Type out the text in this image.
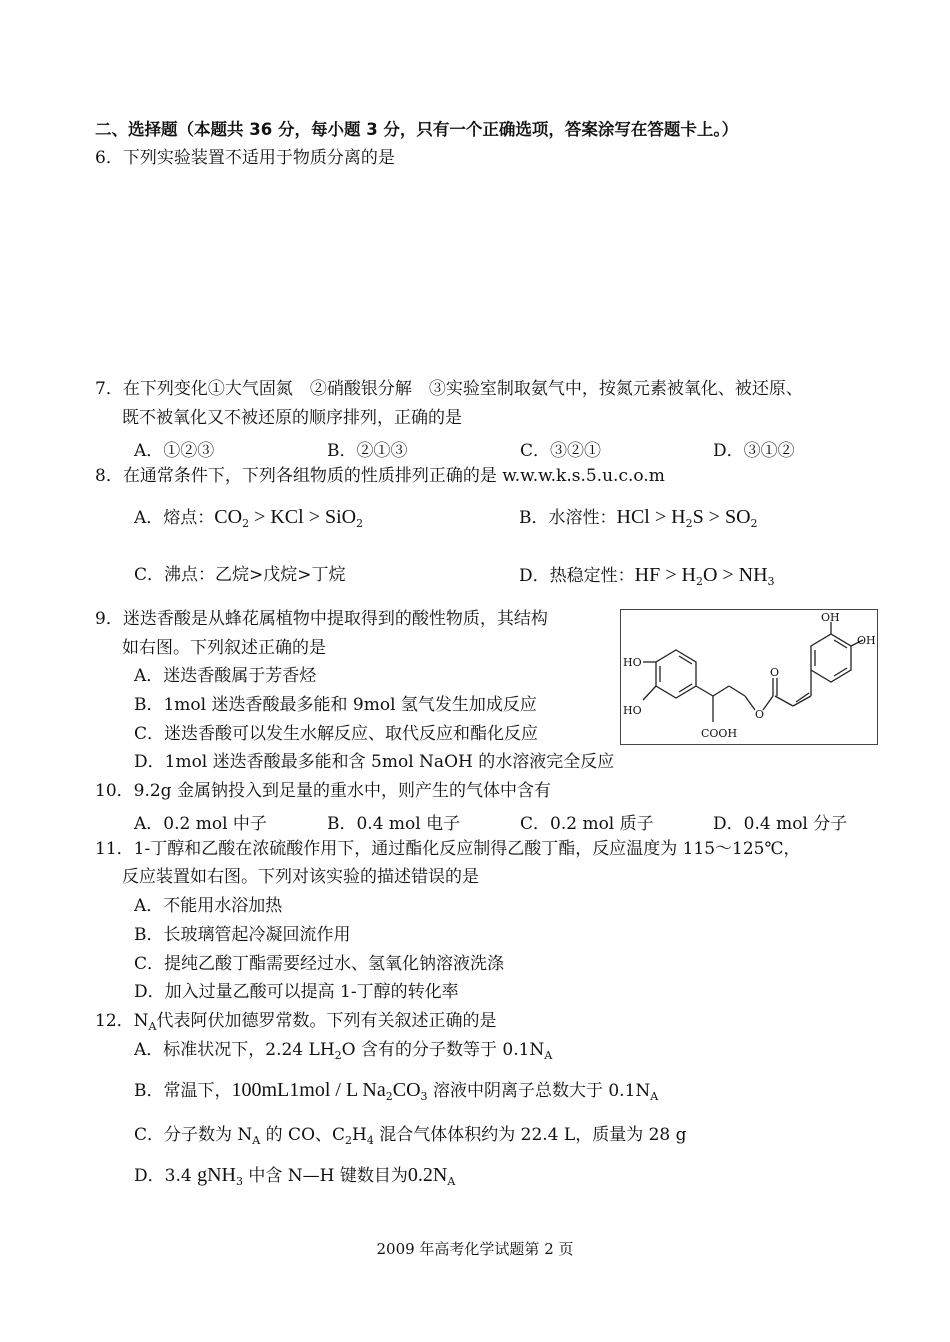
二、选择题（本题共 36 分，每小题 3 分，只有一个正确选项，答案涂写在答题卡上。）
6．下列实验装置不适用于物质分离的是
7．在下列变化①大气固氮　②硝酸银分解　③实验室制取氨气中，按氮元素被氧化、被还原、
既不被氧化又不被还原的顺序排列，正确的是
A．①②③	B．②①③	C．③②①	D．③①②
8．在通常条件下，下列各组物质的性质排列正确的是 w.w.w.k.s.5.u.c.o.m
A．熔点：$CO_2$ > KCl > SiO$_2$	B．水溶性：HCl > $H_2S > SO_2$
C．沸点：乙烷>戊烷>丁烷	D．热稳定性：HF > $H_2O > NH_3$
9．迷迭香酸是从蜂花属植物中提取得到的酸性物质，其结构
如右图。下列叙述正确的是
A．迷迭香酸属于芳香烃
B．1mol 迷迭香酸最多能和 9mol 氢气发生加成反应
C．迷迭香酸可以发生水解反应、取代反应和酯化反应
D．1mol 迷迭香酸最多能和含 5mol NaOH 的水溶液完全反应
OH
OH
HO
HO
O
O
COOH
10．9.2g 金属钠投入到足量的重水中，则产生的气体中含有
A．0.2 mol 中子	B．0.4 mol 电子	C．0.2 mol 质子	D．0.4 mol 分子
11．1-丁醇和乙酸在浓硫酸作用下，通过酯化反应制得乙酸丁酯，反应温度为 115～125℃，
反应装置如右图。下列对该实验的描述错误的是
A．不能用水浴加热
B．长玻璃管起冷凝回流作用
C．提纯乙酸丁酯需要经过水、氢氧化钠溶液洗涤
D．加入过量乙酸可以提高 1-丁醇的转化率
12．$N_A$代表阿伏加德罗常数。下列有关叙述正确的是
A．标准状况下，2.24 $LH_2O$ 含有的分子数等于 $0.1N_A$
B．常温下，100mL1mol / L $Na_2CO_3$ 溶液中阴离子总数大于 $0.1N_A$
C．分子数为 $N_A$ 的 CO、$C_2H_4$ 混合气体体积约为 22.4 L，质量为 28 g
D．3.4 gNH$_3$ 中含 N—H 键数目为$0.2N_A$
2009 年高考化学试题第 2 页
